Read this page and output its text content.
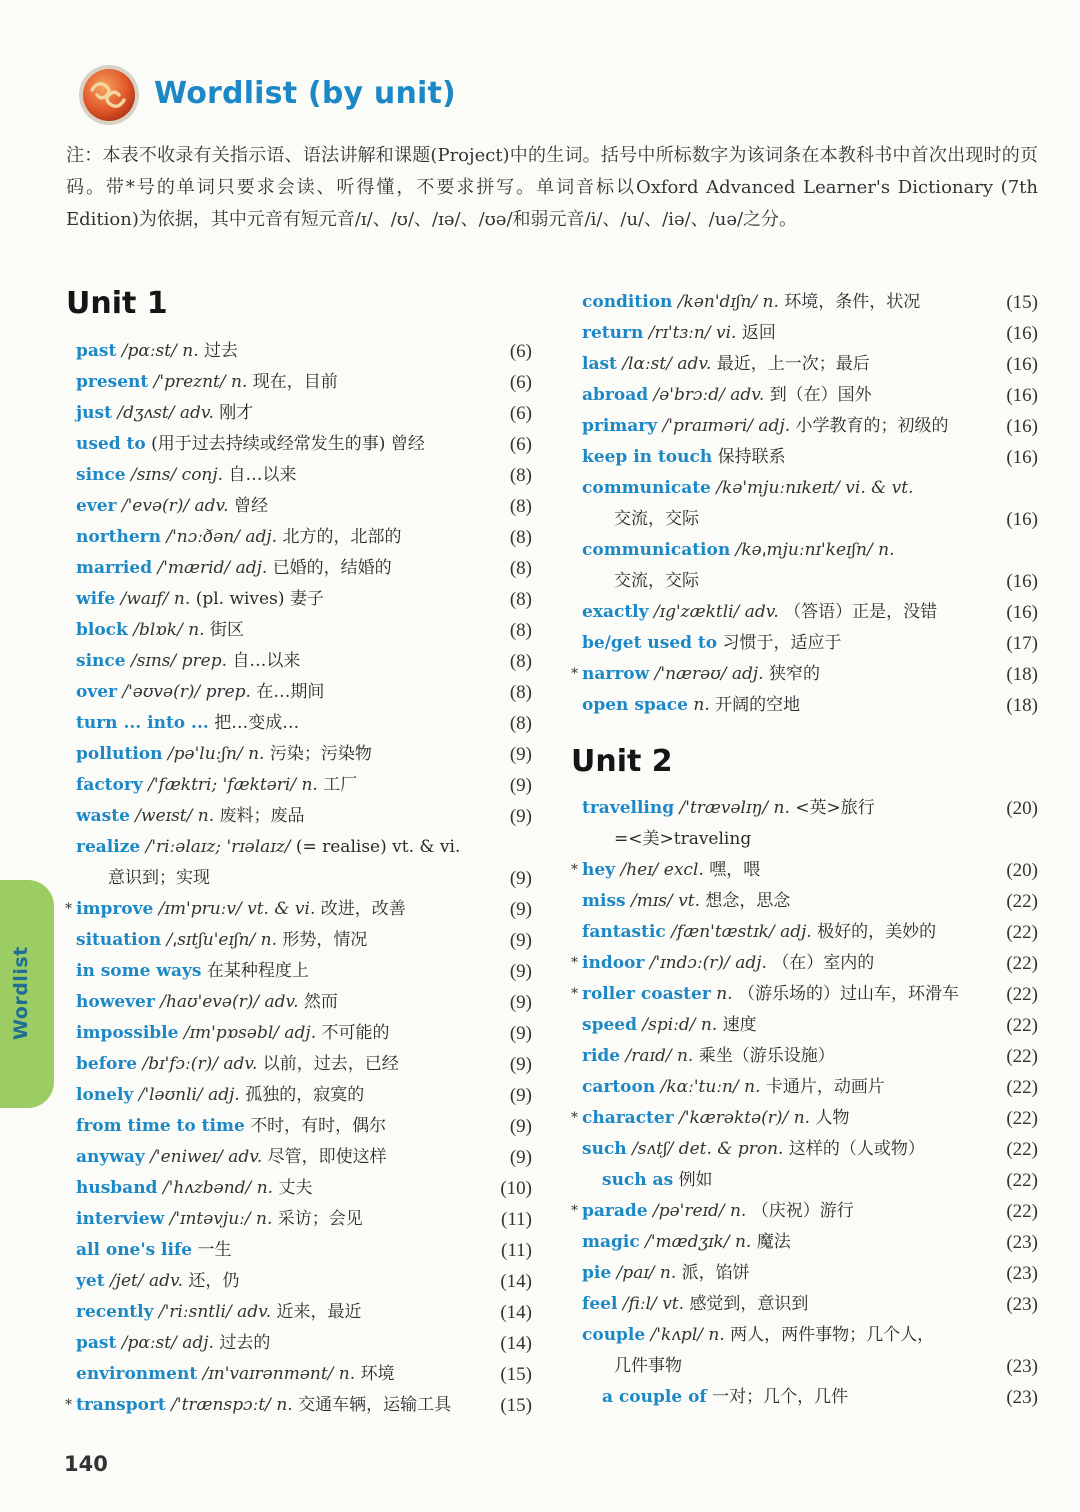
Wordlist (by unit)

注：本表不收录有关指示语、语法讲解和课题(Project)中的生词。括号中所标数字为该词条在本教科书中首次出现时的页码。带*号的单词只要求会读、听得懂，不要求拼写。单词音标以Oxford Advanced Learner's Dictionary (7th Edition)为依据，其中元音有短元音/ɪ/、/ʊ/、/ɪə/、/ʊə/和弱元音/i/、/u/、/iə/、/uə/之分。

Unit 1
past /pɑːst/ n. 过去	(6)
present /'preznt/ n. 现在，目前	(6)
just /dʒʌst/ adv. 刚才	(6)
used to (用于过去持续或经常发生的事) 曾经	(6)
since /sɪns/ conj. 自…以来	(8)
ever /'evə(r)/ adv. 曾经	(8)
northern /'nɔːðən/ adj. 北方的，北部的	(8)
married /'mærid/ adj. 已婚的，结婚的	(8)
wife /waɪf/ n. (pl. wives) 妻子	(8)
block /blɒk/ n. 街区	(8)
since /sɪns/ prep. 自…以来	(8)
over /'əʊvə(r)/ prep. 在…期间	(8)
turn ... into ... 把…变成…	(8)
pollution /pə'luːʃn/ n. 污染；污染物	(9)
factory /'fæktri; 'fæktəri/ n. 工厂	(9)
waste /weɪst/ n. 废料；废品	(9)
realize /'riːəlaɪz; 'rɪəlaɪz/ (= realise) vt. & vi.
意识到；实现	(9)
* improve /ɪm'pruːv/ vt. & vi. 改进，改善	(9)
situation /ˌsɪtʃu'eɪʃn/ n. 形势，情况	(9)
in some ways 在某种程度上	(9)
however /haʊ'evə(r)/ adv. 然而	(9)
impossible /ɪm'pɒsəbl/ adj. 不可能的	(9)
before /bɪ'fɔː(r)/ adv. 以前，过去，已经	(9)
lonely /'ləʊnli/ adj. 孤独的，寂寞的	(9)
from time to time 不时，有时，偶尔	(9)
anyway /'eniweɪ/ adv. 尽管，即使这样	(9)
husband /'hʌzbənd/ n. 丈夫	(10)
interview /'ɪntəvjuː/ n. 采访；会见	(11)
all one's life 一生	(11)
yet /jet/ adv. 还，仍	(14)
recently /'riːsntli/ adv. 近来，最近	(14)
past /pɑːst/ adj. 过去的	(14)
environment /ɪn'vaɪrənmənt/ n. 环境	(15)
* transport /'trænspɔːt/ n. 交通车辆，运输工具	(15)
condition /kən'dɪʃn/ n. 环境，条件，状况	(15)
return /rɪ'tɜːn/ vi. 返回	(16)
last /lɑːst/ adv. 最近，上一次；最后	(16)
abroad /ə'brɔːd/ adv. 到（在）国外	(16)
primary /'praɪməri/ adj. 小学教育的；初级的	(16)
keep in touch 保持联系	(16)
communicate /kə'mjuːnɪkeɪt/ vi. & vt.
交流，交际	(16)
communication /kəˌmjuːnɪ'keɪʃn/ n.
交流，交际	(16)
exactly /ɪg'zæktli/ adv. （答语）正是，没错	(16)
be/get used to 习惯于，适应于	(17)
* narrow /'nærəʊ/ adj. 狭窄的	(18)
open space n. 开阔的空地	(18)
Unit 2
travelling /'trævəlɪŋ/ n. <英>旅行	(20)
=<美>traveling
* hey /heɪ/ excl. 嘿，喂	(20)
miss /mɪs/ vt. 想念，思念	(22)
fantastic /fæn'tæstɪk/ adj. 极好的，美妙的	(22)
* indoor /'ɪndɔː(r)/ adj. （在）室内的	(22)
* roller coaster n. （游乐场的）过山车，环滑车 (22)
speed /spiːd/ n. 速度	(22)
ride /raɪd/ n. 乘坐（游乐设施）	(22)
cartoon /kɑː'tuːn/ n. 卡通片，动画片	(22)
* character /'kærəktə(r)/ n. 人物	(22)
such /sʌtʃ/ det. & pron. 这样的（人或物）	(22)
such as 例如	(22)
* parade /pə'reɪd/ n. （庆祝）游行	(22)
magic /'mædʒɪk/ n. 魔法	(23)
pie /paɪ/ n. 派，馅饼	(23)
feel /fiːl/ vt. 感觉到，意识到	(23)
couple /'kʌpl/ n. 两人，两件事物；几个人，
几件事物	(23)
a couple of 一对；几个，几件	(23)
Wordlist
140
